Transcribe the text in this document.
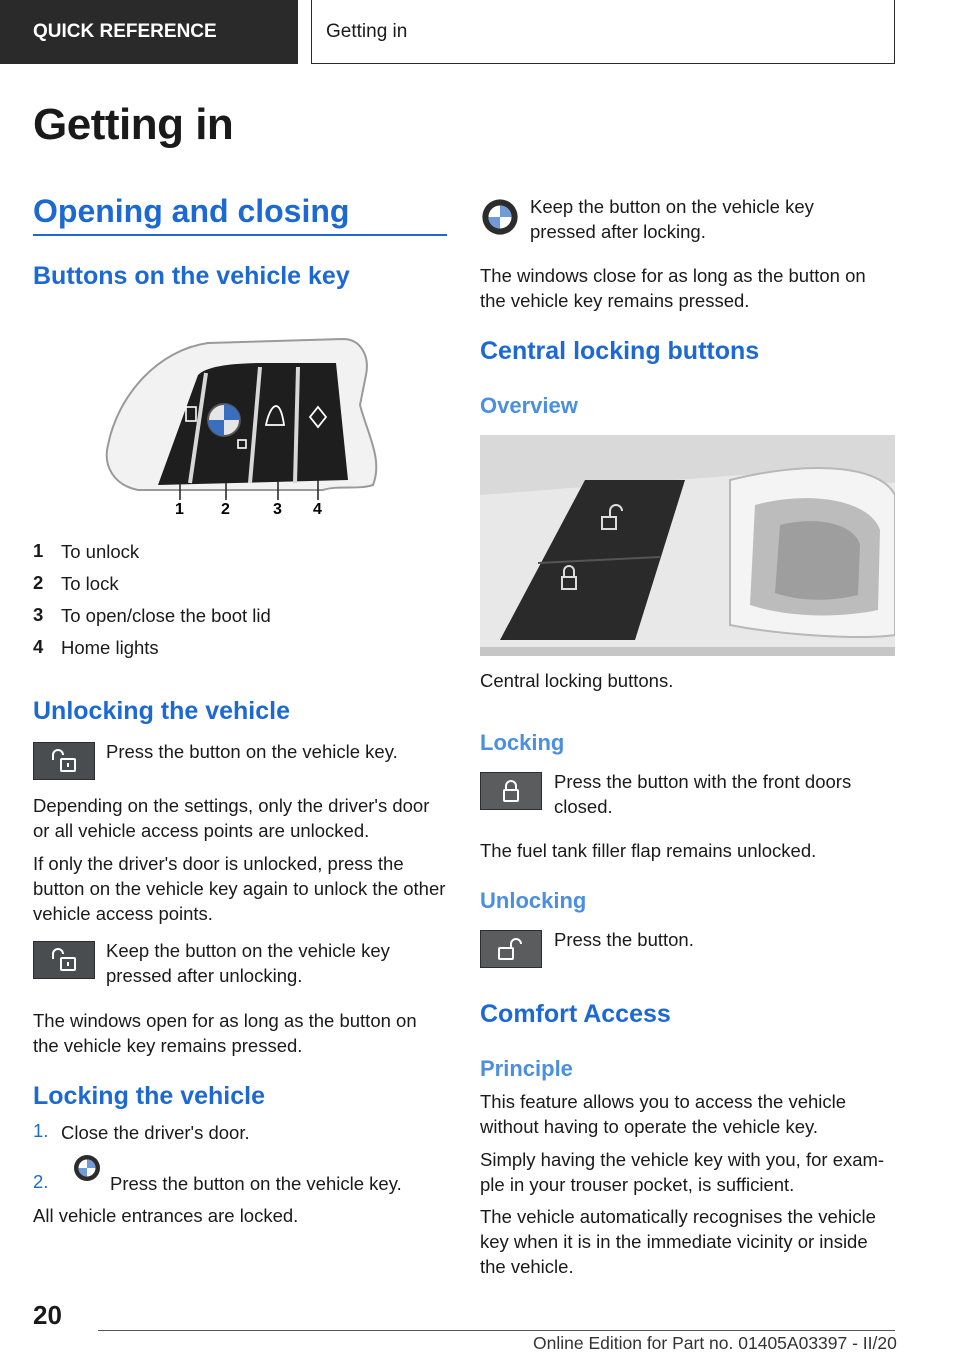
QUICK REFERENCE	Getting in
Getting in
Opening and closing
Buttons on the vehicle key
1 2	3 4
1 To unlock

2 To lock

3 To open/close the boot lid

4 Home lights

Unlocking the vehicle

Press the button on the vehicle key.

Depending on the settings, only the driver's door or all vehicle access points are unlocked.

If only the driver's door is unlocked, press the button on the vehicle key again to unlock the other vehicle access points.

Keep the button on the vehicle key pressed after unlocking.

The windows open for as long as the button on the vehicle key remains pressed.

Locking the vehicle
1. Close the driver's door.

2.	Press the button on the vehicle key.

All vehicle entrances are locked.

Keep the button on the vehicle key pressed after locking.

The windows close for as long as the button on the vehicle key remains pressed.

Central locking buttons
Overview

Central locking buttons.

Locking

Press the button with the front doors closed.

The fuel tank filler flap remains unlocked.

Unlocking

Press the button.

Comfort Access
Principle

This feature allows you to access the vehicle without having to operate the vehicle key.

Simply having the vehicle key with you, for exam-ple in your trouser pocket, is sufficient.

The vehicle automatically recognises the vehicle key when it is in the immediate vicinity or inside the vehicle.

20
Online Edition for Part no. 01405A03397 - II/20
